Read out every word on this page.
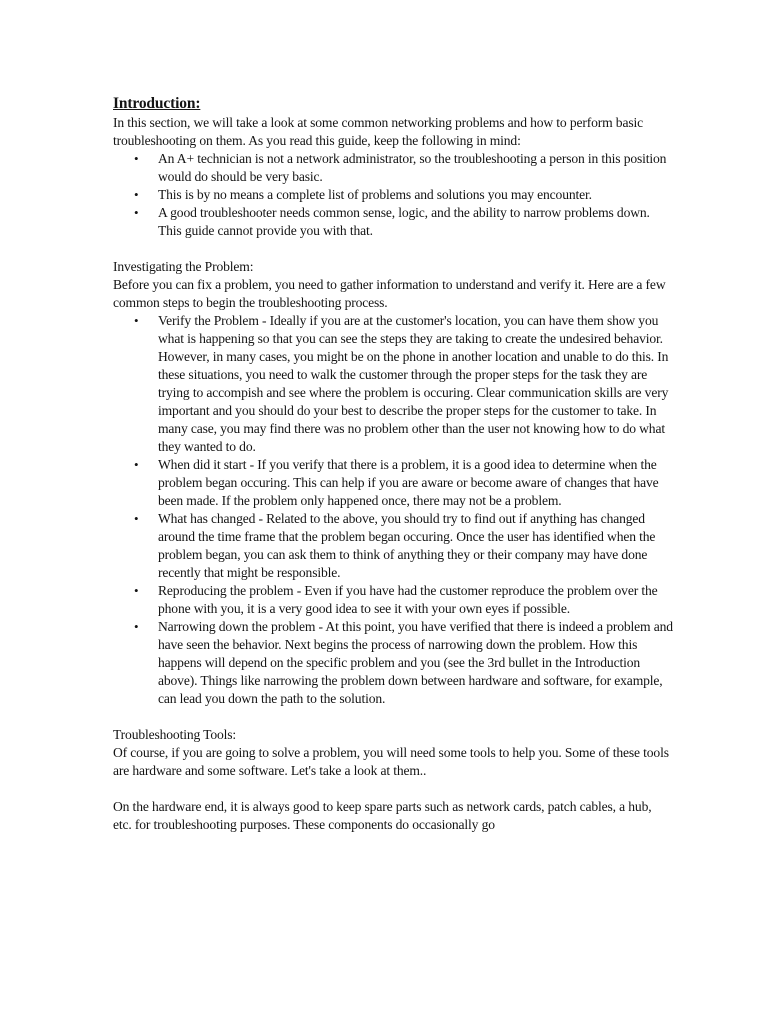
Introduction:

In this section, we will take a look at some common networking problems and how to perform basic troubleshooting on them. As you read this guide, keep the following in mind:

• An A+ technician is not a network administrator, so the troubleshooting a person in this position would do should be very basic.
• This is by no means a complete list of problems and solutions you may encounter.
• A good troubleshooter needs common sense, logic, and the ability to narrow problems down. This guide cannot provide you with that.

Investigating the Problem:

Before you can fix a problem, you need to gather information to understand and verify it. Here are a few common steps to begin the troubleshooting process.

• Verify the Problem - Ideally if you are at the customer's location, you can have them show you what is happening so that you can see the steps they are taking to create the undesired behavior. However, in many cases, you might be on the phone in another location and unable to do this. In these situations, you need to walk the customer through the proper steps for the task they are trying to accompish and see where the problem is occuring. Clear communication skills are very important and you should do your best to describe the proper steps for the customer to take. In many case, you may find there was no problem other than the user not knowing how to do what they wanted to do.
• When did it start - If you verify that there is a problem, it is a good idea to determine when the problem began occuring. This can help if you are aware or become aware of changes that have been made. If the problem only happened once, there may not be a problem.
• What has changed - Related to the above, you should try to find out if anything has changed around the time frame that the problem began occuring. Once the user has identified when the problem began, you can ask them to think of anything they or their company may have done recently that might be responsible.
• Reproducing the problem - Even if you have had the customer reproduce the problem over the phone with you, it is a very good idea to see it with your own eyes if possible.
• Narrowing down the problem - At this point, you have verified that there is indeed a problem and have seen the behavior. Next begins the process of narrowing down the problem. How this happens will depend on the specific problem and you (see the 3rd bullet in the Introduction above). Things like narrowing the problem down between hardware and software, for example, can lead you down the path to the solution.

Troubleshooting Tools:

Of course, if you are going to solve a problem, you will need some tools to help you. Some of these tools are hardware and some software. Let's take a look at them..

On the hardware end, it is always good to keep spare parts such as network cards, patch cables, a hub, etc. for troubleshooting purposes. These components do occasionally go
